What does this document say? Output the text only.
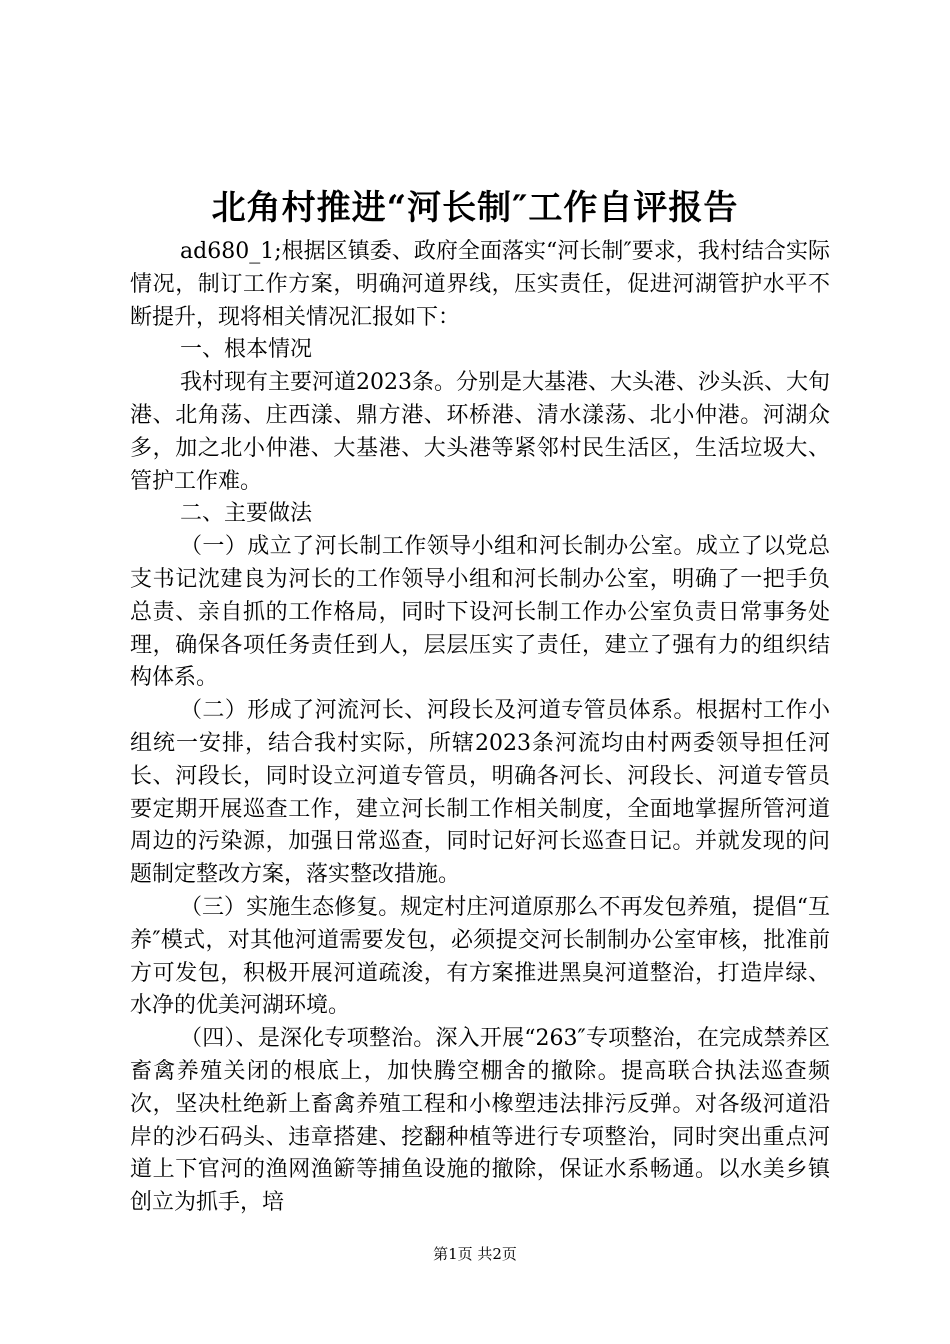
北角村推进“河长制″工作自评报告

ad680_1;根据区镇委、政府全面落实“河长制″要求，我村结合实际情况，制订工作方案，明确河道界线，压实责任，促进河湖管护水平不断提升，现将相关情况汇报如下：

一、根本情况

我村现有主要河道2023条。分别是大基港、大头港、沙头浜、大旬港、北角荡、庄西漾、鼎方港、环桥港、清水漾荡、北小仲港。河湖众多，加之北小仲港、大基港、大头港等紧邻村民生活区，生活垃圾大、管护工作难。

二、主要做法

（一）成立了河长制工作领导小组和河长制办公室。成立了以党总支书记沈建良为河长的工作领导小组和河长制办公室，明确了一把手负总责、亲自抓的工作格局，同时下设河长制工作办公室负责日常事务处理，确保各项任务责任到人，层层压实了责任，建立了强有力的组织结构体系。

（二）形成了河流河长、河段长及河道专管员体系。根据村工作小组统一安排，结合我村实际，所辖2023条河流均由村两委领导担任河长、河段长，同时设立河道专管员，明确各河长、河段长、河道专管员要定期开展巡查工作，建立河长制工作相关制度，全面地掌握所管河道周边的污染源，加强日常巡查，同时记好河长巡查日记。并就发现的问题制定整改方案，落实整改措施。

（三）实施生态修复。规定村庄河道原那么不再发包养殖，提倡“互养″模式，对其他河道需要发包，必须提交河长制制办公室审核，批准前方可发包，积极开展河道疏浚，有方案推进黑臭河道整治，打造岸绿、水净的优美河湖环境。

（四）、是深化专项整治。深入开展“263″专项整治，在完成禁养区畜禽养殖关闭的根底上，加快腾空棚舍的撤除。提高联合执法巡查频次，坚决杜绝新上畜禽养殖工程和小橡塑违法排污反弹。对各级河道沿岸的沙石码头、违章搭建、挖翻种植等进行专项整治，同时突出重点河道上下官河的渔网渔簖等捕鱼设施的撤除，保证水系畅通。以水美乡镇创立为抓手，培

第1页 共2页
